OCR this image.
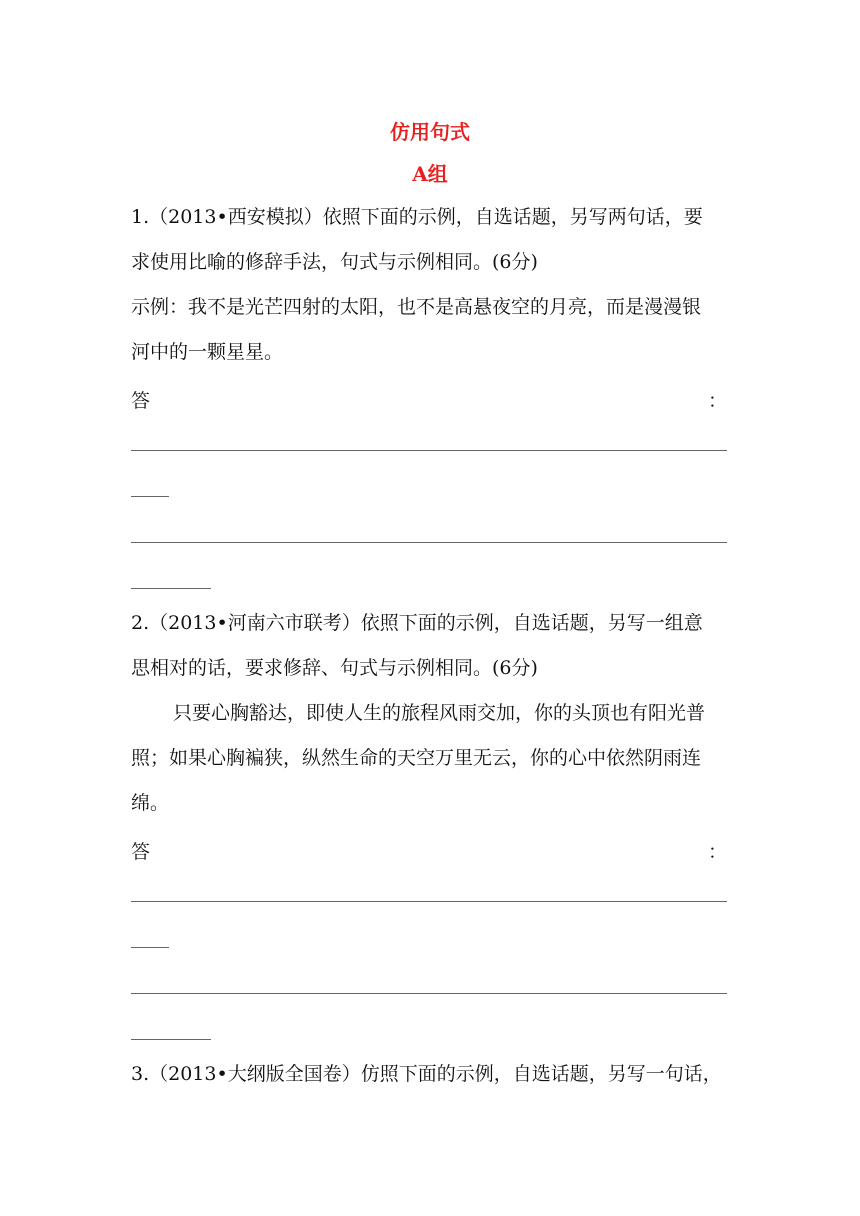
仿用句式
A组
1.（2013•西安模拟）依照下面的示例，自选话题，另写两句话，要
求使用比喻的修辞手法，句式与示例相同。(6分)
示例：我不是光芒四射的太阳，也不是高悬夜空的月亮，而是漫漫银
河中的一颗星星。
答	：
2.（2013•河南六市联考）依照下面的示例，自选话题，另写一组意
思相对的话，要求修辞、句式与示例相同。(6分)
只要心胸豁达，即使人生的旅程风雨交加，你的头顶也有阳光普
照；如果心胸褊狭，纵然生命的天空万里无云，你的心中依然阴雨连
绵。
答	：
3.（2013•大纲版全国卷）仿照下面的示例，自选话题，另写一句话，
